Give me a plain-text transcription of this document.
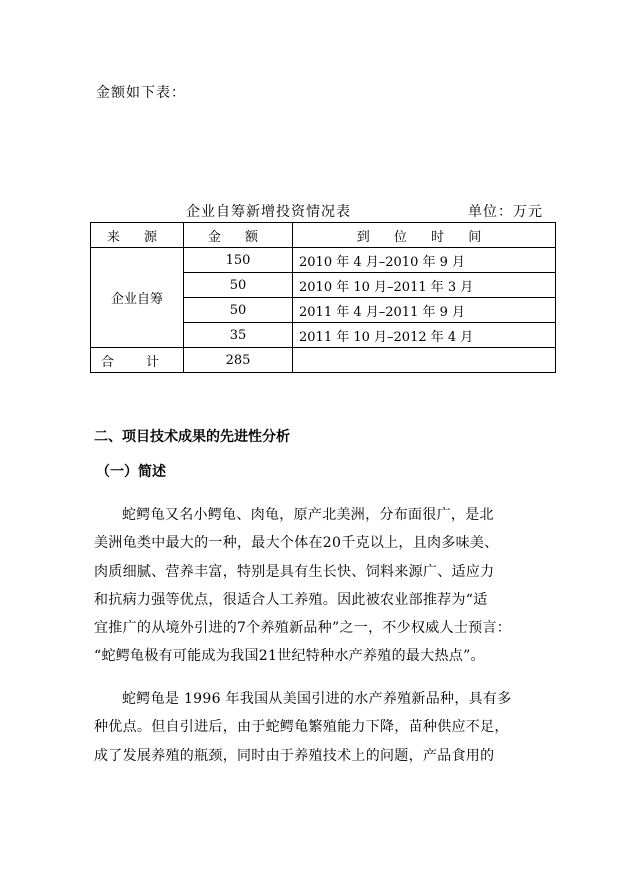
金额如下表：
企业自筹新增投资情况表	单位：万元
来 源	金 额	到 位 时 间
企业自筹	150	2010 年 4 月–2010 年 9 月
	50	2010 年 10 月–2011 年 3 月
	50	2011 年 4 月–2011 年 9 月
	35	2011 年 10 月–2012 年 4 月
合 计	285	
二、项目技术成果的先进性分析
（一）简述
蛇鳄龟又名小鳄龟、肉龟，原产北美洲，分布面很广，是北
美洲龟类中最大的一种，最大个体在20千克以上，且肉多味美、
肉质细腻、营养丰富，特别是具有生长快、饲料来源广、适应力
和抗病力强等优点，很适合人工养殖。因此被农业部推荐为“适
宜推广的从境外引进的7个养殖新品种”之一，不少权威人士预言：
“蛇鳄龟极有可能成为我国21世纪特种水产养殖的最大热点”。
蛇鳄龟是 1996 年我国从美国引进的水产养殖新品种，具有多
种优点。但自引进后，由于蛇鳄龟繁殖能力下降，苗种供应不足，
成了发展养殖的瓶颈，同时由于养殖技术上的问题，产品食用的
